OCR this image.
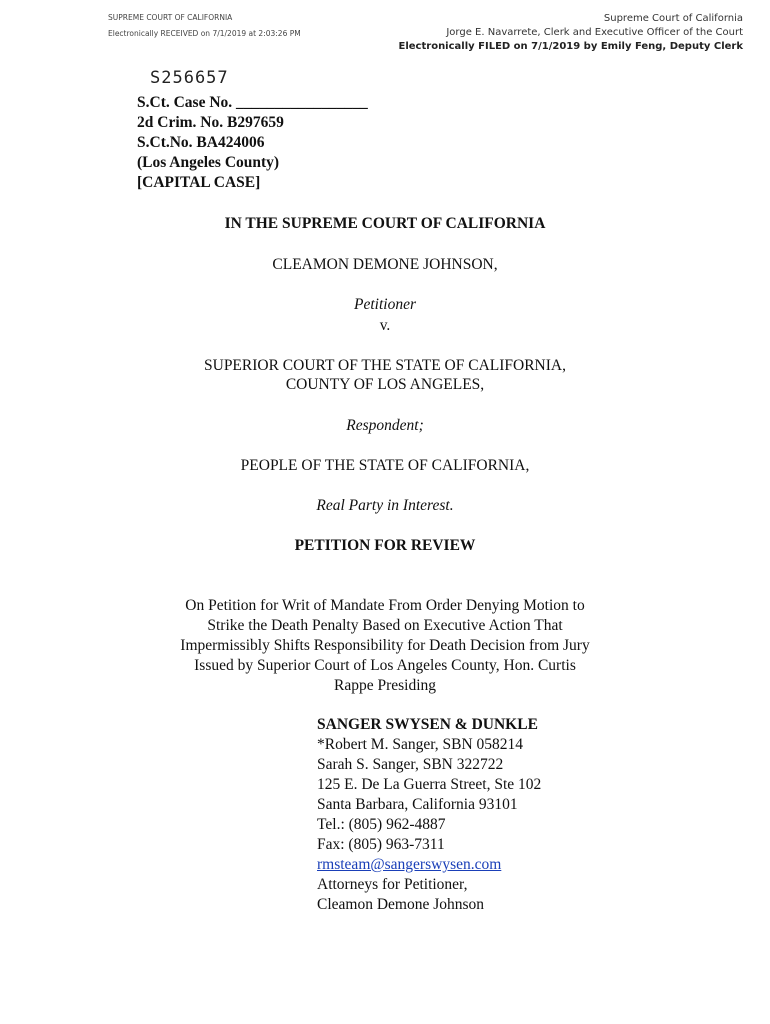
SUPREME COURT OF CALIFORNIA
Electronically RECEIVED on 7/1/2019 at 2:03:26 PM
Supreme Court of California
Jorge E. Navarrete, Clerk and Executive Officer of the Court
Electronically FILED on 7/1/2019 by Emily Feng, Deputy Clerk
S256657
S.Ct. Case No. _________________
2d Crim. No. B297659
S.Ct.No. BA424006
(Los Angeles County)
[CAPITAL CASE]
IN THE SUPREME COURT OF CALIFORNIA
CLEAMON DEMONE JOHNSON,
Petitioner
v.
SUPERIOR COURT OF THE STATE OF CALIFORNIA,
COUNTY OF LOS ANGELES,
Respondent;
PEOPLE OF THE STATE OF CALIFORNIA,
Real Party in Interest.
PETITION FOR REVIEW
On Petition for Writ of Mandate From Order Denying Motion to
Strike the Death Penalty Based on Executive Action That
Impermissibly Shifts Responsibility for Death Decision from Jury
Issued by Superior Court of Los Angeles County, Hon. Curtis
Rappe Presiding
SANGER SWYSEN & DUNKLE
*Robert M. Sanger, SBN 058214
Sarah S. Sanger, SBN 322722
125 E. De La Guerra Street, Ste 102
Santa Barbara, California 93101
Tel.: (805) 962-4887
Fax: (805) 963-7311
rmsteam@sangerswysen.com
Attorneys for Petitioner,
Cleamon Demone Johnson
